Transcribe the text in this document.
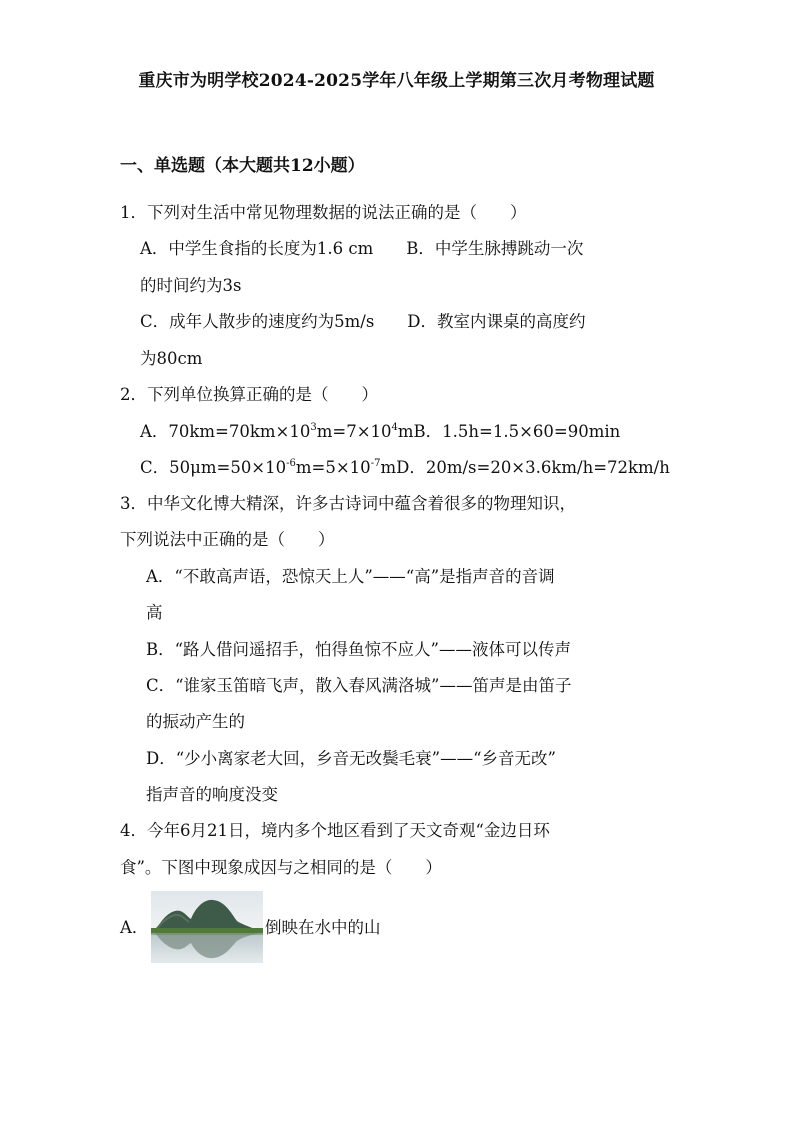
重庆市为明学校2024-2025学年八年级上学期第三次月考物理试题
一、单选题（本大题共12小题）
1．下列对生活中常见物理数据的说法正确的是（　　）
A．中学生食指的长度为1.6 cm　　B．中学生脉搏跳动一次
的时间约为3s
C．成年人散步的速度约为5m/s　　D．教室内课桌的高度约
为80cm
2．下列单位换算正确的是（　　）
A．$70km=70km\times 10^3m=7\times 10^4mB$．1.5h=1.5×60=90min
C．$50\mu m=50\times 10^{-6}m=5\times 10^{-7}mD$．20m/s=20×3.6km/h=72km/h
3．中华文化博大精深，许多古诗词中蕴含着很多的物理知识，
下列说法中正确的是（　　）
A．“不敢高声语，恐惊天上人”——“高”是指声音的音调
高
B．“路人借问遥招手，怕得鱼惊不应人”——液体可以传声
C．“谁家玉笛暗飞声，散入春风满洛城”——笛声是由笛子
的振动产生的
D．“少小离家老大回，乡音无改鬓毛衰”——“乡音无改”
指声音的响度没变
4．今年6月21日，境内多个地区看到了天文奇观“金边日环
食”。下图中现象成因与之相同的是（　　）
A．	倒映在水中的山
